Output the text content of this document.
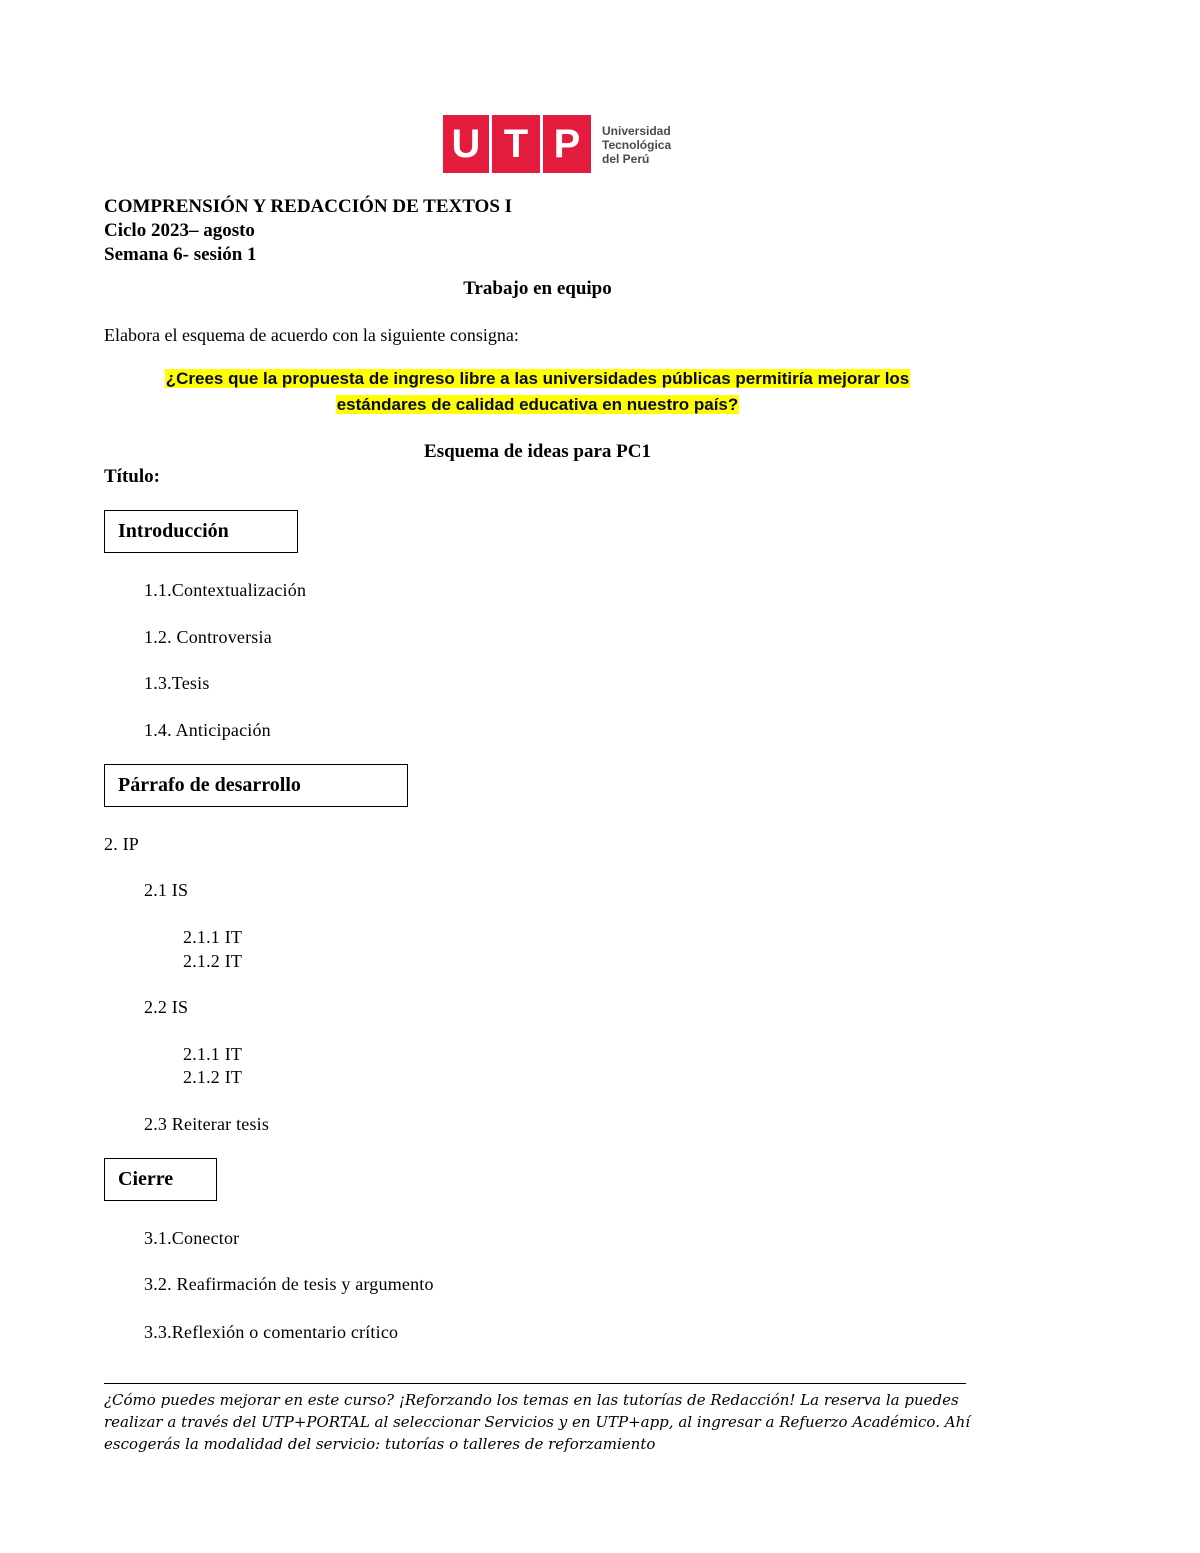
U T P	Universidad
Tecnológica
del Perú
COMPRENSIÓN Y REDACCIÓN DE TEXTOS I
Ciclo 2023– agosto
Semana 6- sesión 1
Trabajo en equipo
Elabora el esquema de acuerdo con la siguiente consigna:
¿Crees que la propuesta de ingreso libre a las universidades públicas permitiría mejorar los
estándares de calidad educativa en nuestro país?
Esquema de ideas para PC1
Título:
Introducción
1.1.Contextualización
1.2. Controversia
1.3.Tesis
1.4. Anticipación
Párrafo de desarrollo
2. IP
2.1 IS
2.1.1 IT
2.1.2 IT
2.2 IS
2.1.1 IT
2.1.2 IT
2.3 Reiterar tesis
Cierre
3.1.Conector
3.2. Reafirmación de tesis y argumento
3.3.Reflexión o comentario crítico
¿Cómo puedes mejorar en este curso? ¡Reforzando los temas en las tutorías de Redacción! La reserva la puedes
realizar a través del UTP+PORTAL al seleccionar Servicios y en UTP+app, al ingresar a Refuerzo Académico. Ahí
escogerás la modalidad del servicio: tutorías o talleres de reforzamiento
